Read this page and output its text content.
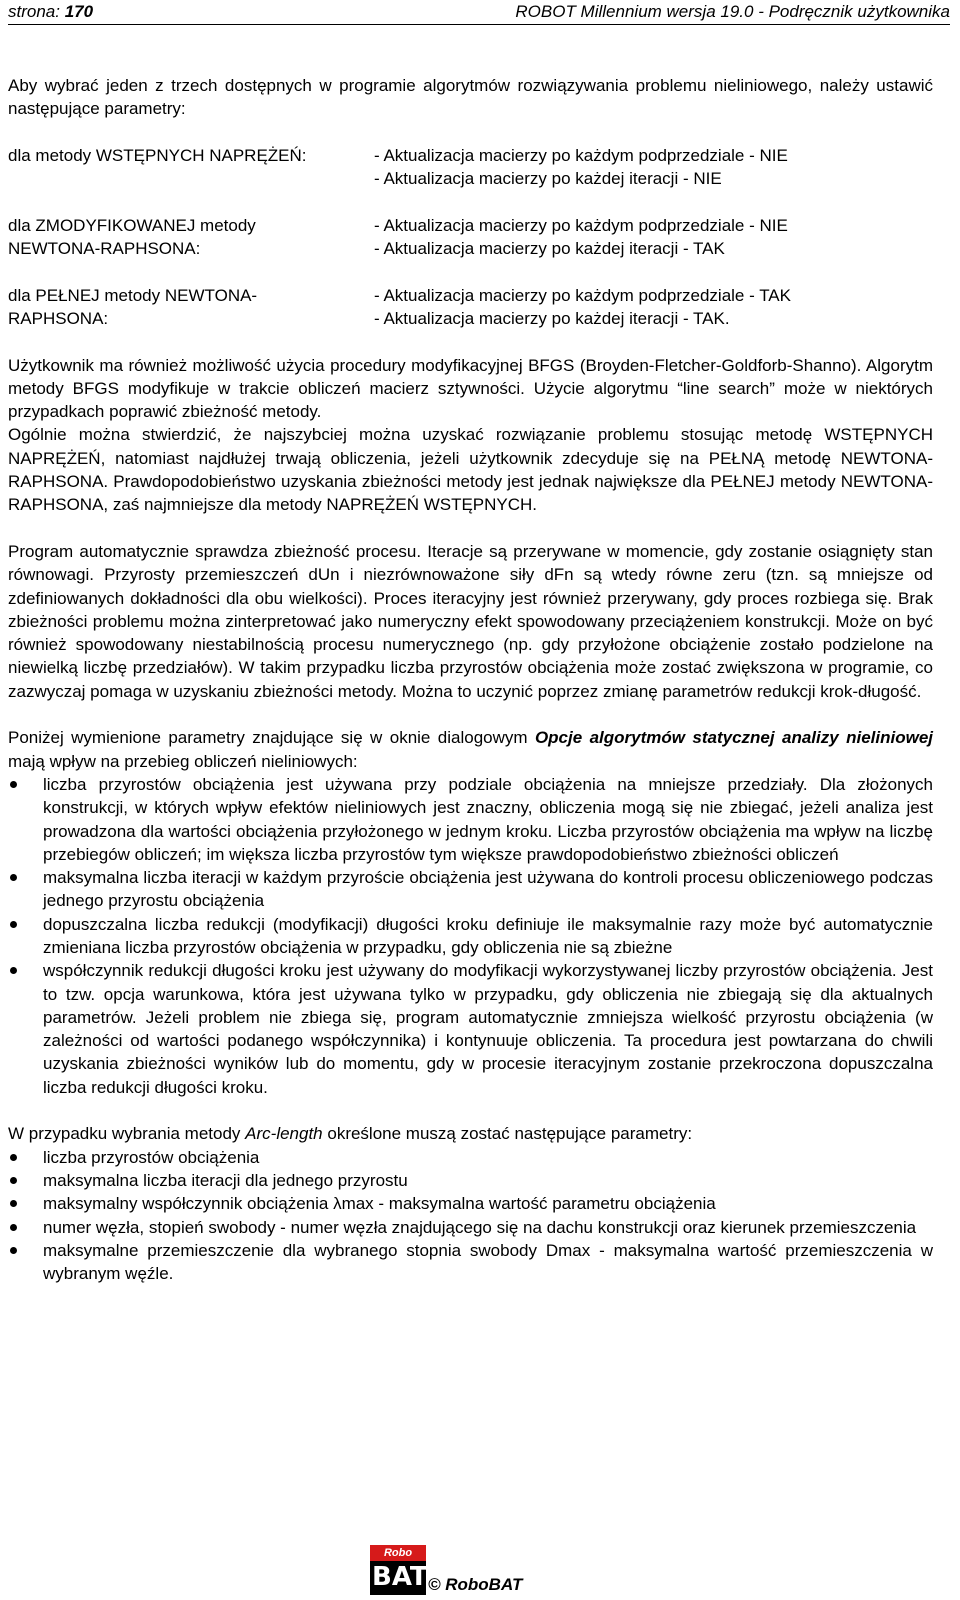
strona: 170	ROBOT Millennium wersja 19.0 - Podręcznik użytkownika

Aby wybrać jeden z trzech dostępnych w programie algorytmów rozwiązywania problemu nieliniowego, należy ustawić następujące parametry:

dla metody WSTĘPNYCH NAPRĘŻEŃ:	- Aktualizacja macierzy po każdym podprzedziale - NIE
- Aktualizacja macierzy po każdej iteracji - NIE
dla ZMODYFIKOWANEJ metody NEWTONA-RAPHSONA:
- Aktualizacja macierzy po każdym podprzedziale - NIE
- Aktualizacja macierzy po każdej iteracji - TAK
dla PEŁNEJ metody NEWTONA-RAPHSONA:
- Aktualizacja macierzy po każdym podprzedziale - TAK
- Aktualizacja macierzy po każdej iteracji - TAK.

Użytkownik ma również możliwość użycia procedury modyfikacyjnej BFGS (Broyden-Fletcher-Goldforb-Shanno). Algorytm metody BFGS modyfikuje w trakcie obliczeń macierz sztywności. Użycie algorytmu “line search” może w niektórych przypadkach poprawić zbieżność metody.

Ogólnie można stwierdzić, że najszybciej można uzyskać rozwiązanie problemu stosując metodę WSTĘPNYCH NAPRĘŻEŃ, natomiast najdłużej trwają obliczenia, jeżeli użytkownik zdecyduje się na PEŁNĄ metodę NEWTONA-RAPHSONA. Prawdopodobieństwo uzyskania zbieżności metody jest jednak największe dla PEŁNEJ metody NEWTONA-RAPHSONA, zaś najmniejsze dla metody NAPRĘŻEŃ WSTĘPNYCH.

Program automatycznie sprawdza zbieżność procesu. Iteracje są przerywane w momencie, gdy zostanie osiągnięty stan równowagi. Przyrosty przemieszczeń dUn i niezrównoważone siły dFn są wtedy równe zeru (tzn. są mniejsze od zdefiniowanych dokładności dla obu wielkości). Proces iteracyjny jest również przerywany, gdy proces rozbiega się. Brak zbieżności problemu można zinterpretować jako numeryczny efekt spowodowany przeciążeniem konstrukcji. Może on być również spowodowany niestabilnością procesu numerycznego (np. gdy przyłożone obciążenie zostało podzielone na niewielką liczbę przedziałów). W takim przypadku liczba przyrostów obciążenia może zostać zwiększona w programie, co zazwyczaj pomaga w uzyskaniu zbieżności metody. Można to uczynić poprzez zmianę parametrów redukcji krok-długość.

Poniżej wymienione parametry znajdujące się w oknie dialogowym Opcje algorytmów statycznej analizy nieliniowej mają wpływ na przebieg obliczeń nieliniowych:

liczba przyrostów obciążenia jest używana przy podziale obciążenia na mniejsze przedziały. Dla złożonych konstrukcji, w których wpływ efektów nieliniowych jest znaczny, obliczenia mogą się nie zbiegać, jeżeli analiza jest prowadzona dla wartości obciążenia przyłożonego w jednym kroku. Liczba przyrostów obciążenia ma wpływ na liczbę przebiegów obliczeń; im większa liczba przyrostów tym większe prawdopodobieństwo zbieżności obliczeń
maksymalna liczba iteracji w każdym przyroście obciążenia jest używana do kontroli procesu obliczeniowego podczas jednego przyrostu obciążenia
dopuszczalna liczba redukcji (modyfikacji) długości kroku definiuje ile maksymalnie razy może być automatycznie zmieniana liczba przyrostów obciążenia w przypadku, gdy obliczenia nie są zbieżne
współczynnik redukcji długości kroku jest używany do modyfikacji wykorzystywanej liczby przyrostów obciążenia. Jest to tzw. opcja warunkowa, która jest używana tylko w przypadku, gdy obliczenia nie zbiegają się dla aktualnych parametrów. Jeżeli problem nie zbiega się, program automatycznie zmniejsza wielkość przyrostu obciążenia (w zależności od wartości podanego współczynnika) i kontynuuje obliczenia. Ta procedura jest powtarzana do chwili uzyskania zbieżności wyników lub do momentu, gdy w procesie iteracyjnym zostanie przekroczona dopuszczalna liczba redukcji długości kroku.

W przypadku wybrania metody Arc-length określone muszą zostać następujące parametry:

liczba przyrostów obciążenia
maksymalna liczba iteracji dla jednego przyrostu
maksymalny współczynnik obciążenia λmax - maksymalna wartość parametru obciążenia
numer węzła, stopień swobody - numer węzła znajdującego się na dachu konstrukcji oraz kierunek przemieszczenia
maksymalne przemieszczenie dla wybranego stopnia swobody Dmax - maksymalna wartość przemieszczenia w wybranym węźle.
Robo
BAT © RoboBAT
